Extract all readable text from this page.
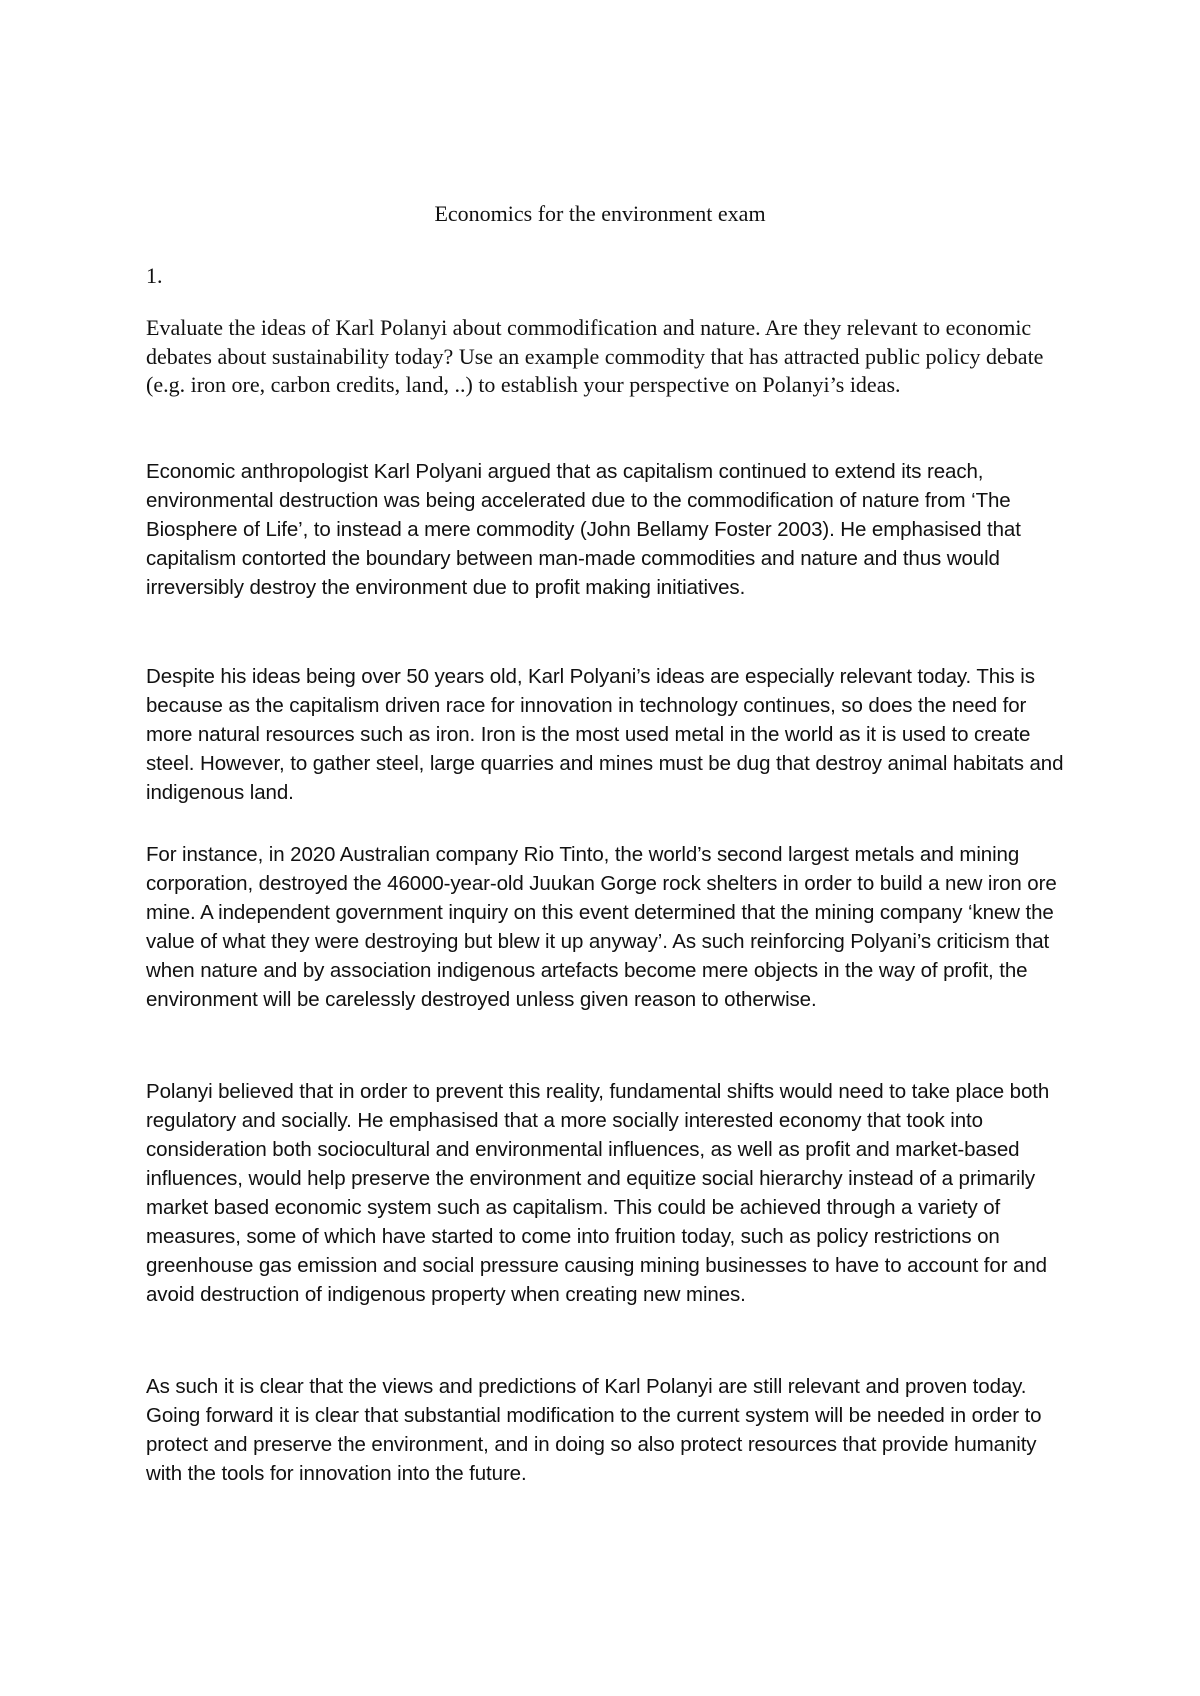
Economics for the environment exam
1.

Evaluate the ideas of Karl Polanyi about commodification and nature. Are they relevant to economic debates about sustainability today? Use an example commodity that has attracted public policy debate (e.g. iron ore, carbon credits, land, ..) to establish your perspective on Polanyi’s ideas.

Economic anthropologist Karl Polyani argued that as capitalism continued to extend its reach, environmental destruction was being accelerated due to the commodification of nature from ‘The Biosphere of Life’, to instead a mere commodity (John Bellamy Foster 2003). He emphasised that capitalism contorted the boundary between man-made commodities and nature and thus would irreversibly destroy the environment due to profit making initiatives.

Despite his ideas being over 50 years old, Karl Polyani’s ideas are especially relevant today. This is because as the capitalism driven race for innovation in technology continues, so does the need for more natural resources such as iron. Iron is the most used metal in the world as it is used to create steel. However, to gather steel, large quarries and mines must be dug that destroy animal habitats and indigenous land.

For instance, in 2020 Australian company Rio Tinto, the world’s second largest metals and mining corporation, destroyed the 46000-year-old Juukan Gorge rock shelters in order to build a new iron ore mine. A independent government inquiry on this event determined that the mining company ‘knew the value of what they were destroying but blew it up anyway’. As such reinforcing Polyani’s criticism that when nature and by association indigenous artefacts become mere objects in the way of profit, the environment will be carelessly destroyed unless given reason to otherwise.

Polanyi believed that in order to prevent this reality, fundamental shifts would need to take place both regulatory and socially. He emphasised that a more socially interested economy that took into consideration both sociocultural and environmental influences, as well as profit and market-based influences, would help preserve the environment and equitize social hierarchy instead of a primarily market based economic system such as capitalism. This could be achieved through a variety of measures, some of which have started to come into fruition today, such as policy restrictions on greenhouse gas emission and social pressure causing mining businesses to have to account for and avoid destruction of indigenous property when creating new mines.

As such it is clear that the views and predictions of Karl Polanyi are still relevant and proven today. Going forward it is clear that substantial modification to the current system will be needed in order to protect and preserve the environment, and in doing so also protect resources that provide humanity with the tools for innovation into the future.
